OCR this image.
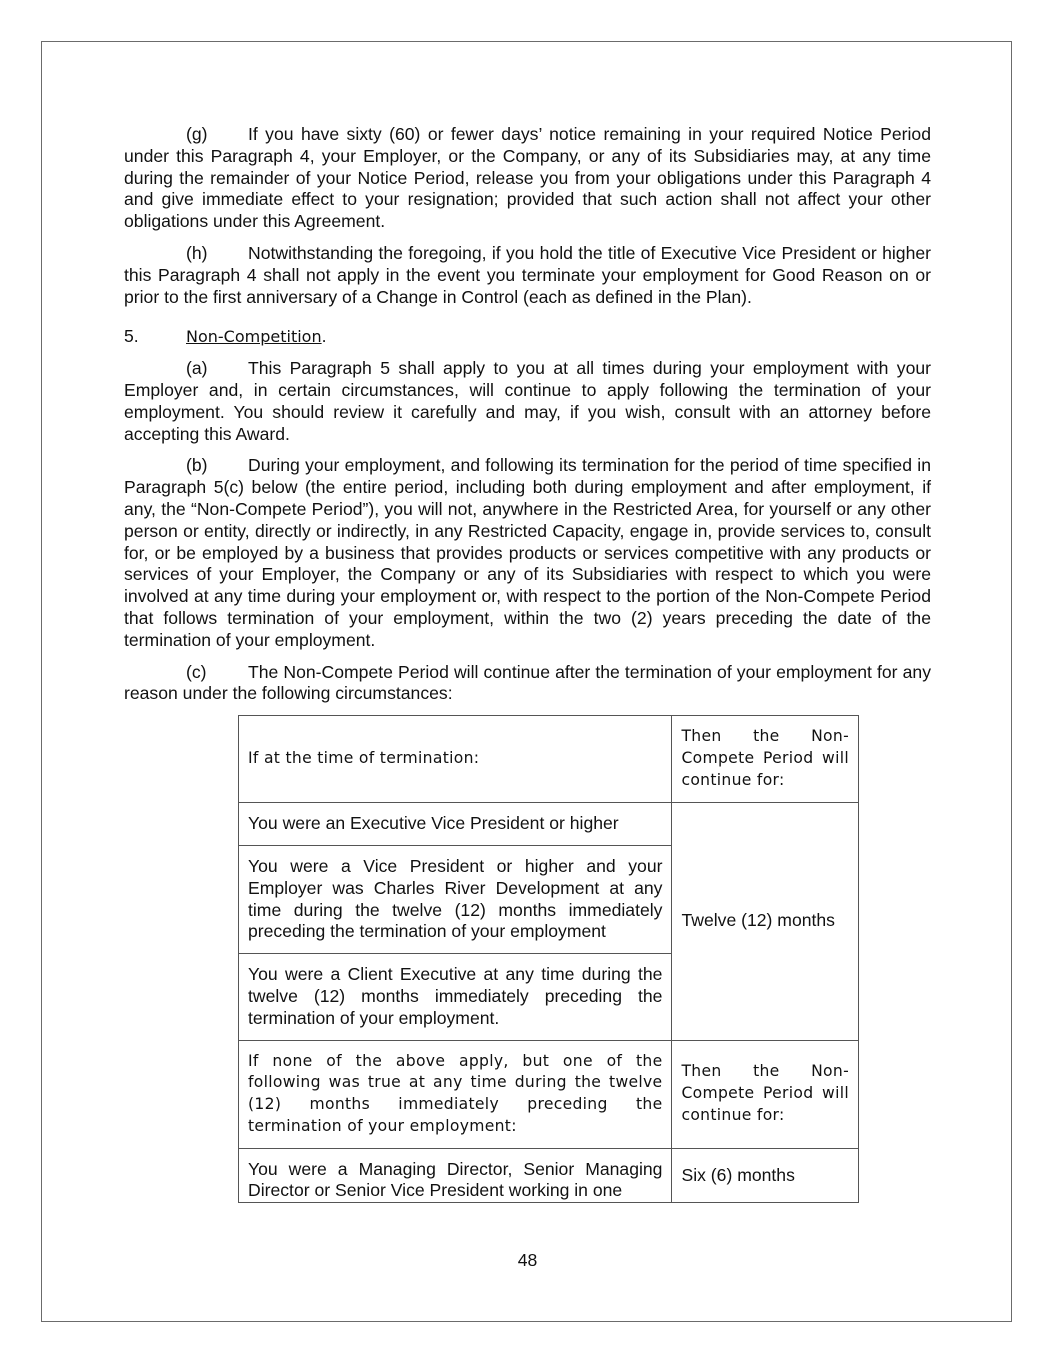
(g) If you have sixty (60) or fewer days’ notice remaining in your required Notice Period under this Paragraph 4, your Employer, or the Company, or any of its Subsidiaries may, at any time during the remainder of your Notice Period, release you from your obligations under this Paragraph 4 and give immediate effect to your resignation; provided that such action shall not affect your other obligations under this Agreement.

(h) Notwithstanding the foregoing, if you hold the title of Executive Vice President or higher this Paragraph 4 shall not apply in the event you terminate your employment for Good Reason on or prior to the first anniversary of a Change in Control (each as defined in the Plan).

5.	Non-Competition.

(a) This Paragraph 5 shall apply to you at all times during your employment with your Employer and, in certain circumstances, will continue to apply following the termination of your employment. You should review it carefully and may, if you wish, consult with an attorney before accepting this Award.

(b) During your employment, and following its termination for the period of time specified in Paragraph 5(c) below (the entire period, including both during employment and after employment, if any, the “Non-Compete Period”), you will not, anywhere in the Restricted Area, for yourself or any other person or entity, directly or indirectly, in any Restricted Capacity, engage in, provide services to, consult for, or be employed by a business that provides products or services competitive with any products or services of your Employer, the Company or any of its Subsidiaries with respect to which you were involved at any time during your employment or, with respect to the portion of the Non-Compete Period that follows termination of your employment, within the two (2) years preceding the date of the termination of your employment.

(c) The Non-Compete Period will continue after the termination of your employment for any reason under the following circumstances:

If at the time of termination:	Then the Non-Compete Period will continue for:
You were an Executive Vice President or higher	Twelve (12) months
You were a Vice President or higher and your Employer was Charles River Development at any time during the twelve (12) months immediately preceding the termination of your employment	
You were a Client Executive at any time during the twelve (12) months immediately preceding the termination of your employment.	
If none of the above apply, but one of the following was true at any time during the twelve (12) months immediately preceding the termination of your employment:	Then the Non-Compete Period will continue for:
You were a Managing Director, Senior Managing Director or Senior Vice President working in one	Six (6) months
48
